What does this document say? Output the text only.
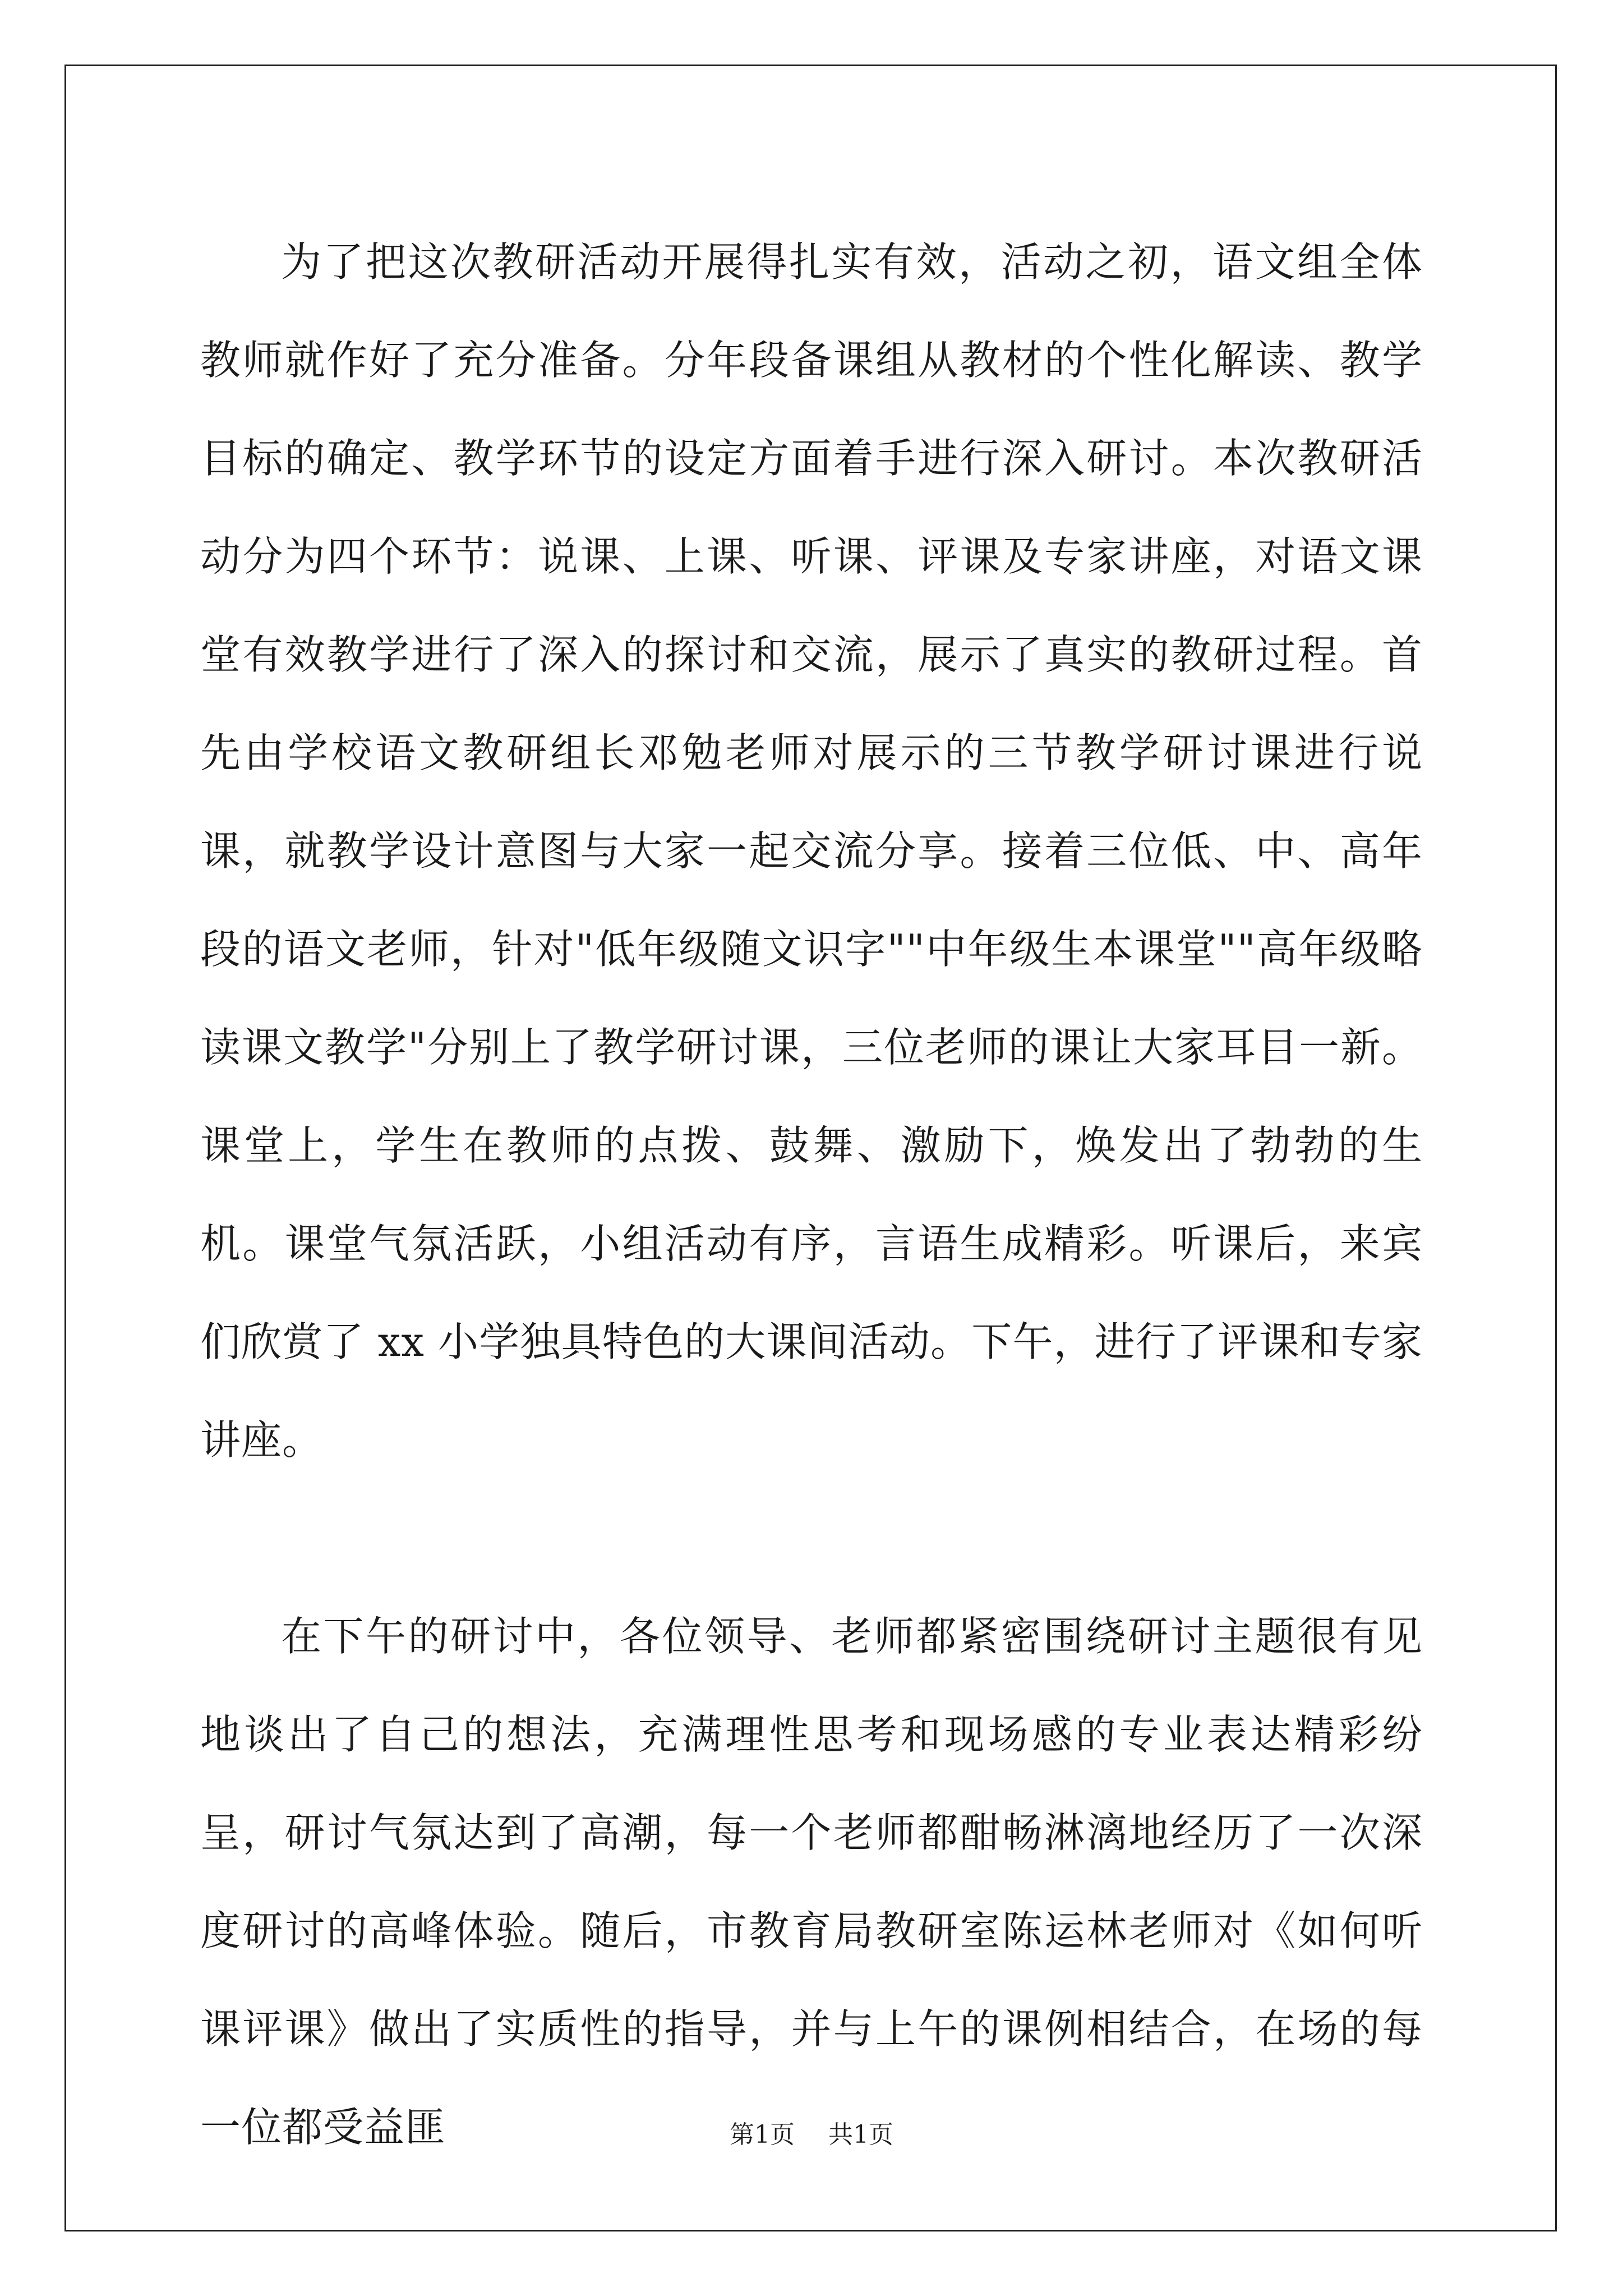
为了把这次教研活动开展得扎实有效，活动之初，语文组全体教师就作好了充分准备。分年段备课组从教材的个性化解读、教学目标的确定、教学环节的设定方面着手进行深入研讨。本次教研活动分为四个环节：说课、上课、听课、评课及专家讲座，对语文课堂有效教学进行了深入的探讨和交流，展示了真实的教研过程。首先由学校语文教研组长邓勉老师对展示的三节教学研讨课进行说课，就教学设计意图与大家一起交流分享。接着三位低、中、高年段的语文老师，针对"低年级随文识字""中年级生本课堂""高年级略读课文教学"分别上了教学研讨课，三位老师的课让大家耳目一新。课堂上，学生在教师的点拨、鼓舞、激励下，焕发出了勃勃的生机。课堂气氛活跃，小组活动有序，言语生成精彩。听课后，来宾们欣赏了 xx 小学独具特色的大课间活动。下午，进行了评课和专家讲座。

在下午的研讨中，各位领导、老师都紧密围绕研讨主题很有见地谈出了自己的想法，充满理性思考和现场感的专业表达精彩纷呈，研讨气氛达到了高潮，每一个老师都酣畅淋漓地经历了一次深度研讨的高峰体验。随后，市教育局教研室陈运林老师对《如何听课评课》做出了实质性的指导，并与上午的课例相结合，在场的每一位都受益匪	第1页 共1页
